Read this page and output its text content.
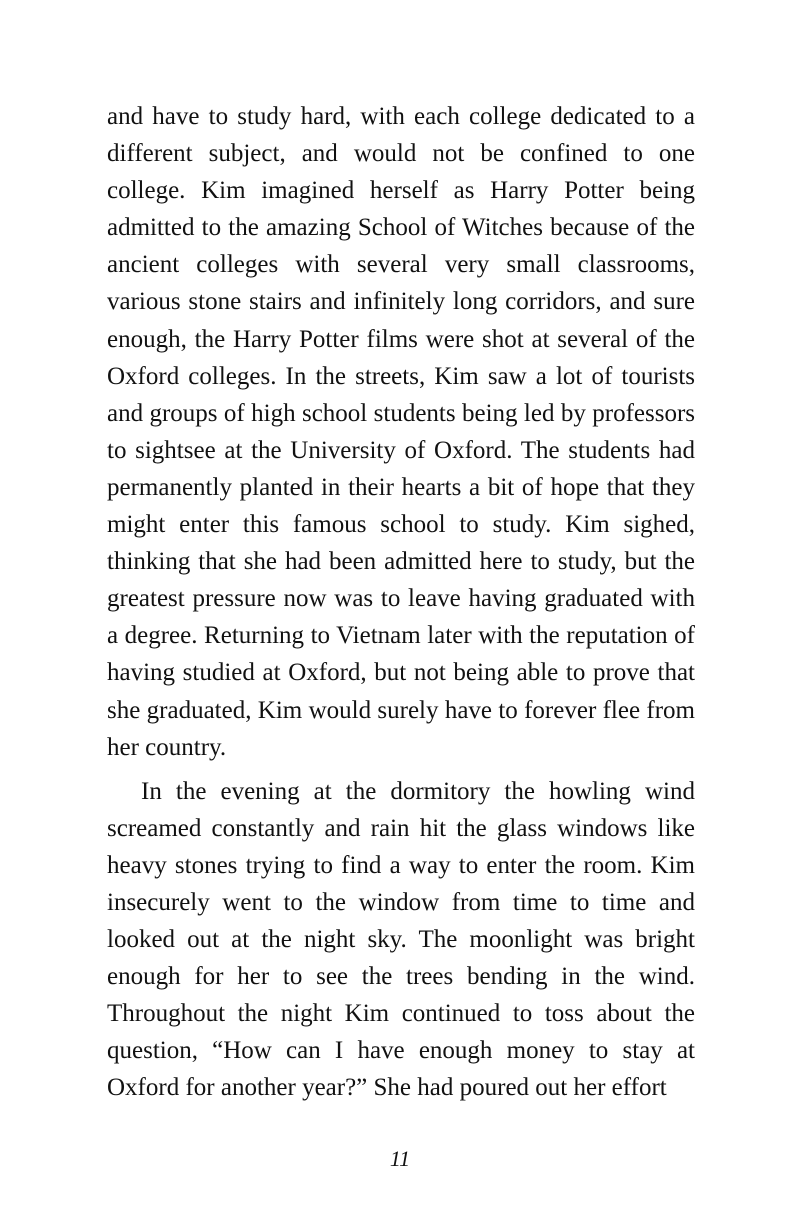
and have to study hard, with each college dedicated to a different subject, and would not be confined to one college. Kim imagined herself as Harry Potter being admitted to the amazing School of Witches because of the ancient colleges with several very small classrooms, various stone stairs and infinitely long corridors, and sure enough, the Harry Potter films were shot at several of the Oxford colleges. In the streets, Kim saw a lot of tourists and groups of high school students being led by professors to sightsee at the University of Oxford. The students had permanently planted in their hearts a bit of hope that they might enter this famous school to study. Kim sighed, thinking that she had been admitted here to study, but the greatest pressure now was to leave having graduated with a degree. Returning to Vietnam later with the reputation of having studied at Oxford, but not being able to prove that she graduated, Kim would surely have to forever flee from her country.

In the evening at the dormitory the howling wind screamed constantly and rain hit the glass windows like heavy stones trying to find a way to enter the room. Kim insecurely went to the window from time to time and looked out at the night sky. The moonlight was bright enough for her to see the trees bending in the wind. Throughout the night Kim continued to toss about the question, “How can I have enough money to stay at Oxford for another year?” She had poured out her effort

11
